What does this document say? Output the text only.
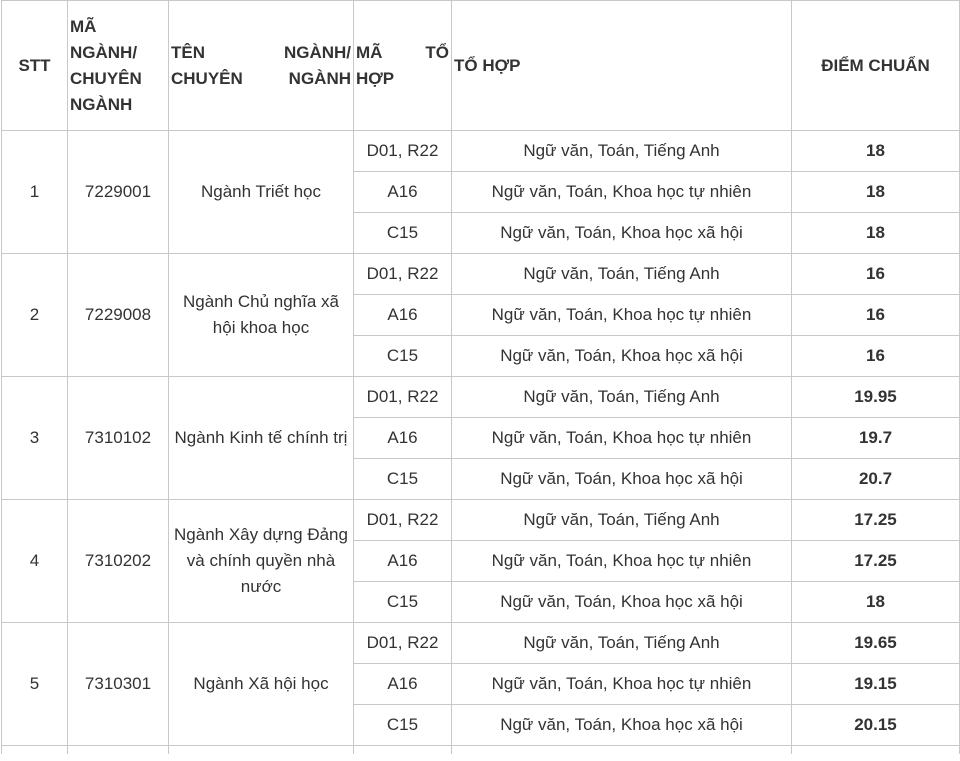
STT	MÃ NGÀNH/ CHUYÊN NGÀNH	TÊN NGÀNH/ CHUYÊN NGÀNH	MÃ TỔ HỢP	TỔ HỢP	ĐIỂM CHUẨN
1	7229001	Ngành Triết học	D01, R22	Ngữ văn, Toán, Tiếng Anh	18
			A16	Ngữ văn, Toán, Khoa học tự nhiên	18
			C15	Ngữ văn, Toán, Khoa học xã hội	18
2	7229008	Ngành Chủ nghĩa xã hội khoa học	D01, R22	Ngữ văn, Toán, Tiếng Anh	16
			A16	Ngữ văn, Toán, Khoa học tự nhiên	16
			C15	Ngữ văn, Toán, Khoa học xã hội	16
3	7310102	Ngành Kinh tế chính trị	D01, R22	Ngữ văn, Toán, Tiếng Anh	19.95
			A16	Ngữ văn, Toán, Khoa học tự nhiên	19.7
			C15	Ngữ văn, Toán, Khoa học xã hội	20.7
4	7310202	Ngành Xây dựng Đảng và chính quyền nhà nước	D01, R22	Ngữ văn, Toán, Tiếng Anh	17.25
			A16	Ngữ văn, Toán, Khoa học tự nhiên	17.25
			C15	Ngữ văn, Toán, Khoa học xã hội	18
5	7310301	Ngành Xã hội học	D01, R22	Ngữ văn, Toán, Tiếng Anh	19.65
			A16	Ngữ văn, Toán, Khoa học tự nhiên	19.15
			C15	Ngữ văn, Toán, Khoa học xã hội	20.15
